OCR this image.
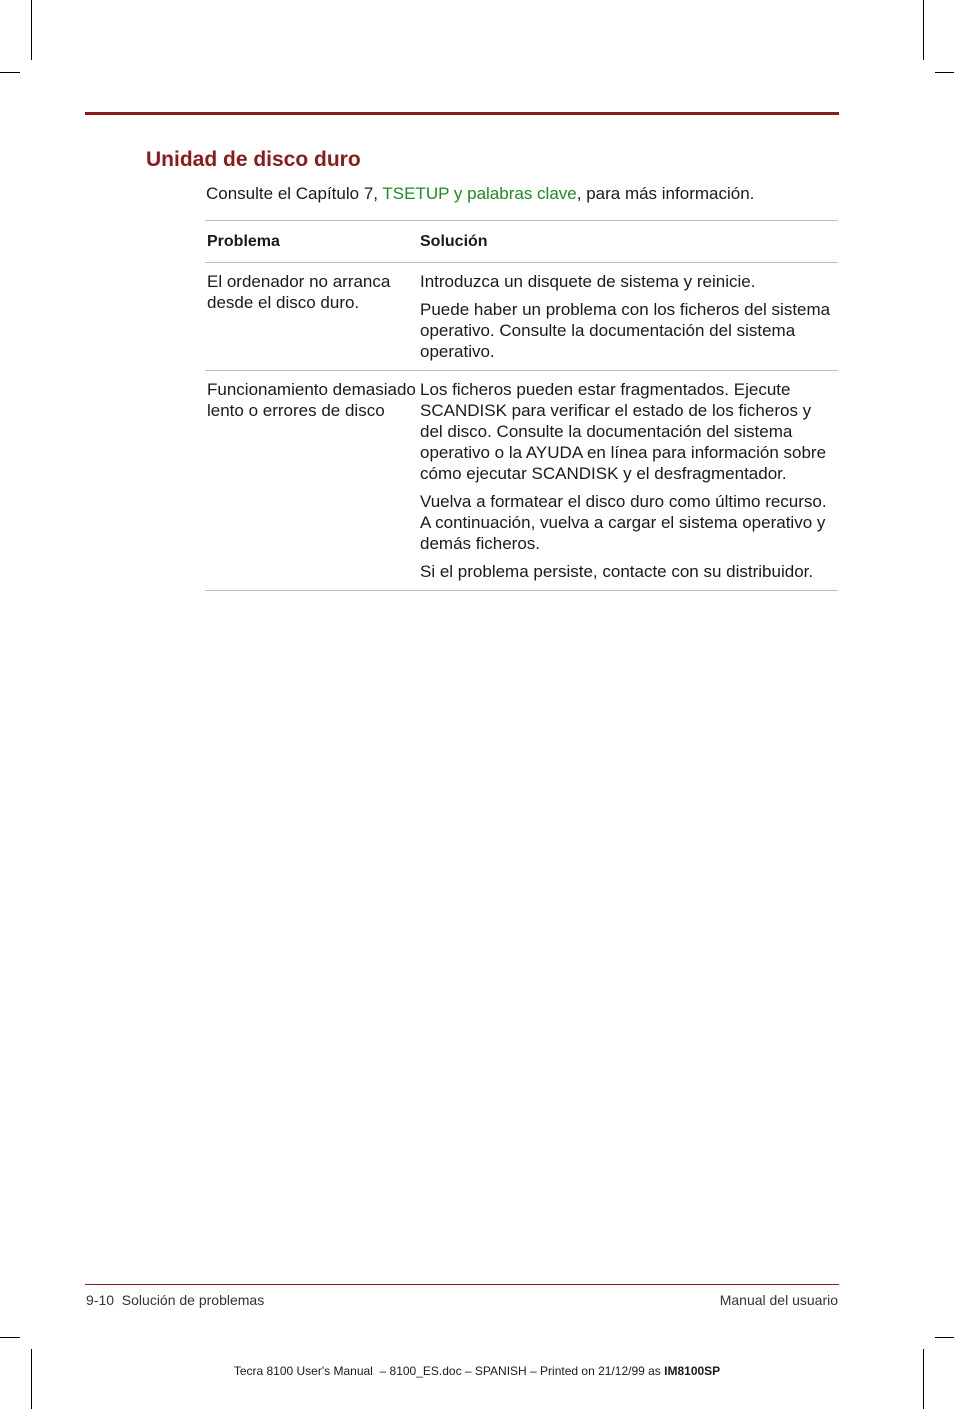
Unidad de disco duro
Consulte el Capítulo 7, TSETUP y palabras clave, para más información.
Problema	Solución
El ordenador no arranca desde el disco duro.	Introduzca un disquete de sistema y reinicie.

Puede haber un problema con los ficheros del sistema operativo. Consulte la documentación del sistema operativo.

Funcionamiento demasiado lento o errores de disco	Los ficheros pueden estar fragmentados. Ejecute SCANDISK para verificar el estado de los ficheros y del disco. Consulte la documentación del sistema operativo o la AYUDA en línea para información sobre cómo ejecutar SCANDISK y el desfragmentador.

Vuelva a formatear el disco duro como último recurso. A continuación, vuelva a cargar el sistema operativo y demás ficheros.

Si el problema persiste, contacte con su distribuidor.

9-10  Solución de problemas	Manual del usuario
Tecra 8100 User's Manual  – 8100_ES.doc – SPANISH – Printed on 21/12/99 as IM8100SP
